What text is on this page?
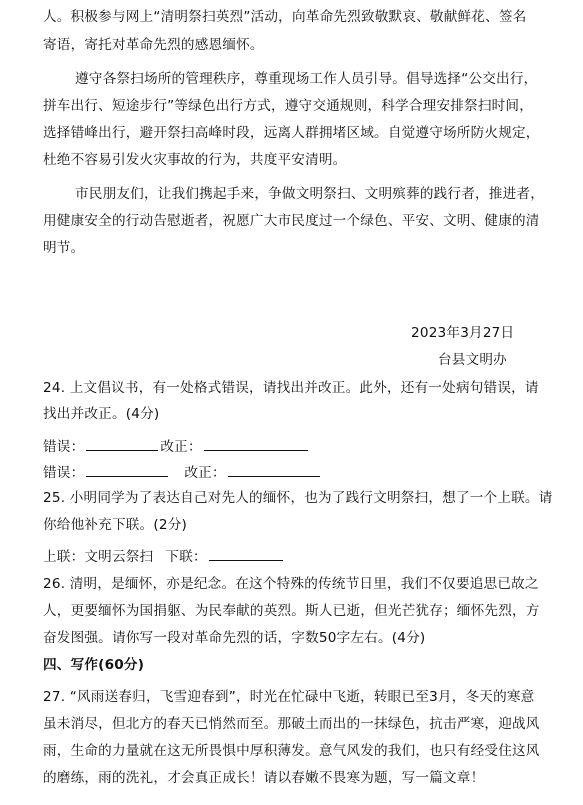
人。积极参与网上“清明祭扫英烈”活动，向革命先烈致敬默哀、敬献鲜花、签名
寄语，寄托对革命先烈的感恩缅怀。
遵守各祭扫场所的管理秩序，尊重现场工作人员引导。倡导选择“公交出行，
拼车出行、短途步行”等绿色出行方式，遵守交通规则，科学合理安排祭扫时间，
选择错峰出行，避开祭扫高峰时段，远离人群拥堵区域。自觉遵守场所防火规定，
杜绝不容易引发火灾事故的行为，共度平安清明。
市民朋友们，让我们携起手来，争做文明祭扫、文明殡葬的践行者，推进者，
用健康安全的行动告慰逝者，祝愿广大市民度过一个绿色、平安、文明、健康的清
明节。
2023年3月27日
台县文明办
24. 上文倡议书，有一处格式错误，请找出并改正。此外，还有一处病句错误，请
找出并改正。(4分)
错误：	改正：
错误：	改正：
25. 小明同学为了表达自己对先人的缅怀，也为了践行文明祭扫，想了一个上联。请
你给他补充下联。(2分)
上联：文明云祭扫 下联：
26. 清明，是缅怀，亦是纪念。在这个特殊的传统节日里，我们不仅要追思已故之
人，更要缅怀为国捐躯、为民奉献的英烈。斯人已逝，但光芒犹存；缅怀先烈，方
奋发图强。请你写一段对革命先烈的话，字数50字左右。(4分)
四、写作(60分)
27. “风雨送春归，飞雪迎春到”，时光在忙碌中飞逝，转眼已至3月，冬天的寒意
虽未消尽，但北方的春天已悄然而至。那破土而出的一抹绿色，抗击严寒，迎战风
雨，生命的力量就在这无所畏惧中厚积薄发。意气风发的我们，也只有经受住这风
的磨练，雨的洗礼，才会真正成长！请以春嫩不畏寒为题，写一篇文章！
